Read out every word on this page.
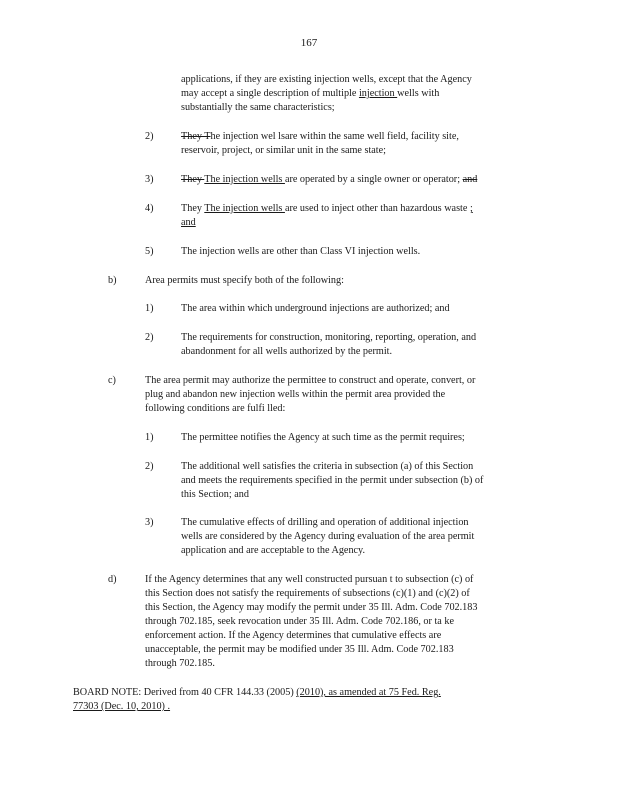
167
applications, if they are existing injection wells, except that the Agency
may accept a single description of multiple injection wells with
substantially the same characteristics;
2)	They The injection wel lsare within the same well field, facility site,
reservoir, project, or similar unit in the same state;
3)	They The injection wells are operated by a single owner or operator; and
4)	They The injection wells are used to inject other than hazardous waste ;
and
5)	The injection wells are other than Class VI injection wells.
b)	Area permits must specify both of the following:
1)	The area within which underground injections are authorized; and
2)	The requirements for construction, monitoring, reporting, operation, and
abandonment for all wells authorized by the permit.
c)	The area permit may authorize the permittee to construct and operate, convert, or
plug and abandon new injection wells within the permit area provided the
following conditions are fulfi lled:
1)	The permittee notifies the Agency at such time as the permit requires;
2)	The additional well satisfies the criteria in subsection (a) of this Section
and meets the requirements specified in the permit under subsection (b) of
this Section; and
3)	The cumulative effects of drilling and operation of additional injection
wells are considered by the Agency during evaluation of the area permit
application and are acceptable to the Agency.
d)	If the Agency determines that any well constructed pursuan t to subsection (c) of
this Section does not satisfy the requirements of subsections (c)(1) and (c)(2) of
this Section, the Agency may modify the permit under 35 Ill. Adm. Code 702.183
through 702.185, seek revocation under 35 Ill. Adm. Code 702.186, or ta ke
enforcement action. If the Agency determines that cumulative effects are
unacceptable, the permit may be modified under 35 Ill. Adm. Code 702.183
through 702.185.
BOARD NOTE: Derived from 40 CFR 144.33 (2005) (2010), as amended at 75 Fed. Reg.
77303 (Dec. 10, 2010) .
